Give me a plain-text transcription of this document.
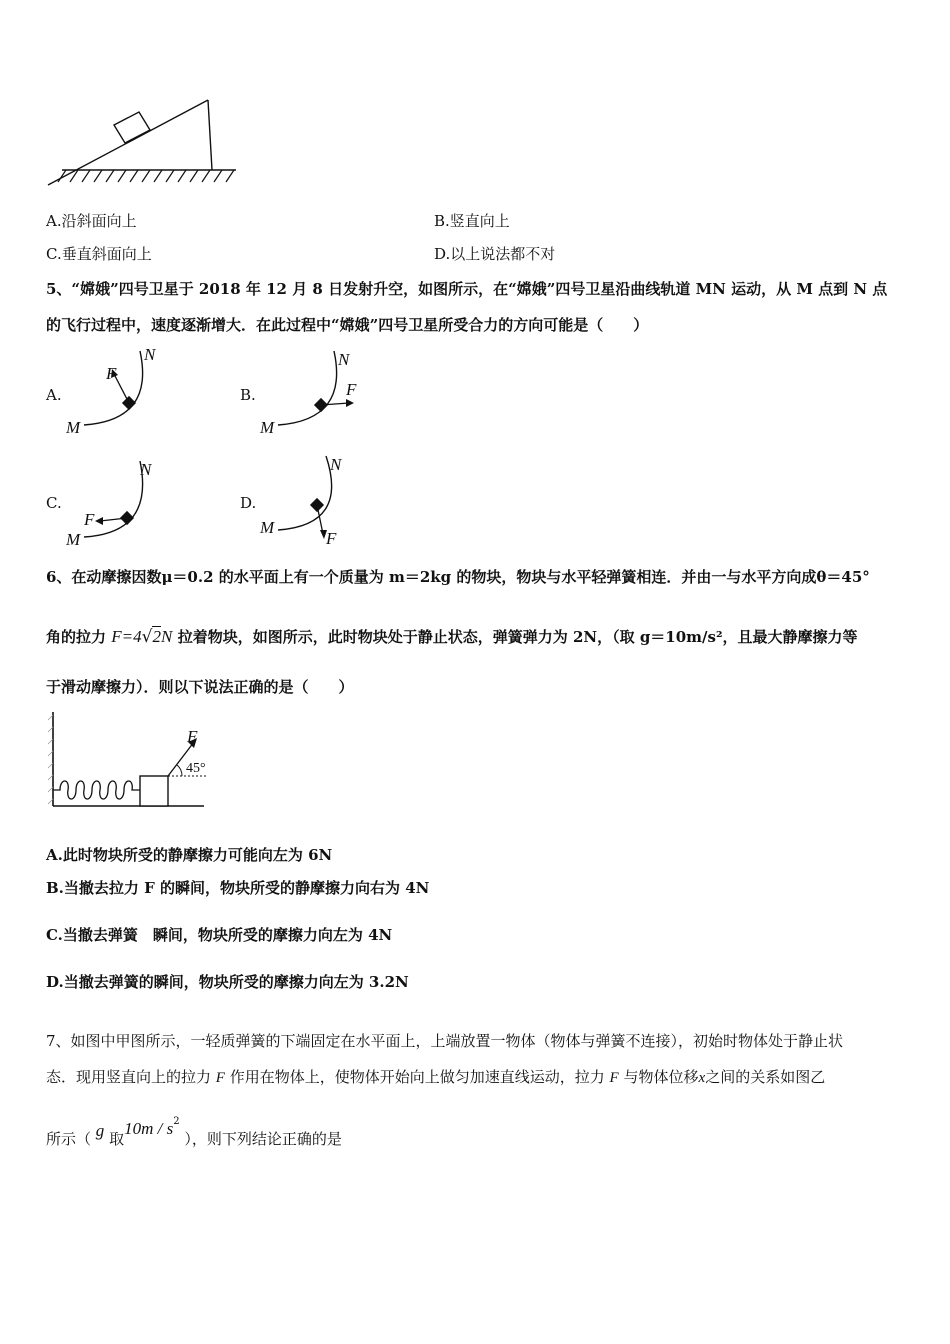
A.沿斜面向上	B.竖直向上
C.垂直斜面向上	D.以上说法都不对
5、“嫦娥”四号卫星于 2018 年 12 月 8 日发射升空，如图所示，在“嫦娥”四号卫星沿曲线轨道 MN 运动，从 M 点到 N 点
的飞行过程中，速度逐渐增大．在此过程中“嫦娥”四号卫星所受合力的方向可能是（　　）
A.	B.
C.	D.
F
N
M
F
N
M
F
N
M	F
N
M
6、在动摩擦因数μ＝0.2 的水平面上有一个质量为 m＝2kg 的物块，物块与水平轻弹簧相连．并由一与水平方向成θ＝45°
角的拉力 F=4√2N 拉着物块，如图所示，此时物块处于静止状态，弹簧弹力为 2N，（取 g＝10m/s²，且最大静摩擦力等
于滑动摩擦力）．则以下说法正确的是（　　）
F
45°
A.此时物块所受的静摩擦力可能向左为 6N
B.当撤去拉力 F 的瞬间，物块所受的静摩擦力向右为 4N
C.当撤去弹簧　瞬间，物块所受的摩擦力向左为 4N
D.当撤去弹簧的瞬间，物块所受的摩擦力向左为 3.2N
7、如图中甲图所示，一轻质弹簧的下端固定在水平面上，上端放置一物体（物体与弹簧不连接），初始时物体处于静止状
态．现用竖直向上的拉力 F 作用在物体上，使物体开始向上做匀加速直线运动，拉力 F 与物体位移x之间的关系如图乙
所示（ g 取$10m / s^2$ ），则下列结论正确的是
